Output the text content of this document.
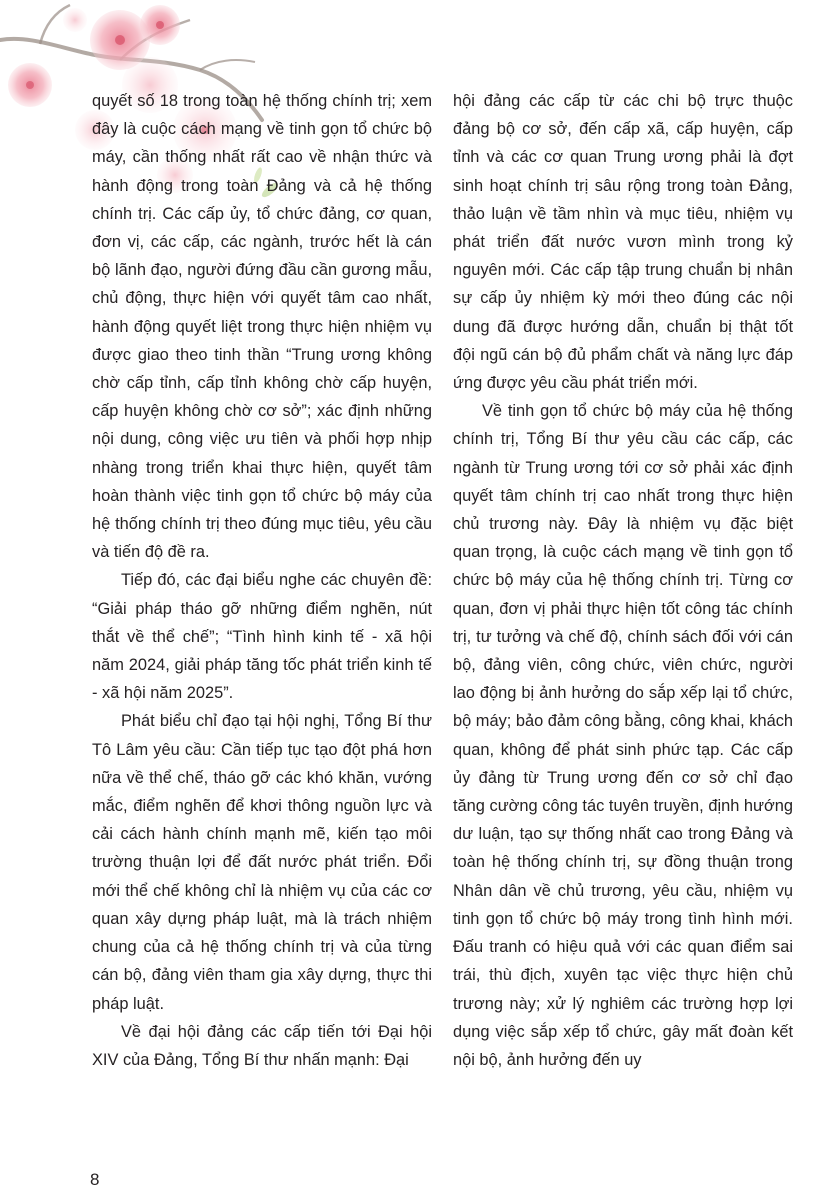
quyết số 18 trong toàn hệ thống chính trị; xem đây là cuộc cách mạng về tinh gọn tổ chức bộ máy, cần thống nhất rất cao về nhận thức và hành động trong toàn Đảng và cả hệ thống chính trị. Các cấp ủy, tổ chức đảng, cơ quan, đơn vị, các cấp, các ngành, trước hết là cán bộ lãnh đạo, người đứng đầu cần gương mẫu, chủ động, thực hiện với quyết tâm cao nhất, hành động quyết liệt trong thực hiện nhiệm vụ được giao theo tinh thần “Trung ương không chờ cấp tỉnh, cấp tỉnh không chờ cấp huyện, cấp huyện không chờ cơ sở”; xác định những nội dung, công việc ưu tiên và phối hợp nhịp nhàng trong triển khai thực hiện, quyết tâm hoàn thành việc tinh gọn tổ chức bộ máy của hệ thống chính trị theo đúng mục tiêu, yêu cầu và tiến độ đề ra.

Tiếp đó, các đại biểu nghe các chuyên đề: “Giải pháp tháo gỡ những điểm nghẽn, nút thắt về thể chế”; “Tình hình kinh tế - xã hội năm 2024, giải pháp tăng tốc phát triển kinh tế - xã hội năm 2025”.

Phát biểu chỉ đạo tại hội nghị, Tổng Bí thư Tô Lâm yêu cầu: Cần tiếp tục tạo đột phá hơn nữa về thể chế, tháo gỡ các khó khăn, vướng mắc, điểm nghẽn để khơi thông nguồn lực và cải cách hành chính mạnh mẽ, kiến tạo môi trường thuận lợi để đất nước phát triển. Đổi mới thể chế không chỉ là nhiệm vụ của các cơ quan xây dựng pháp luật, mà là trách nhiệm chung của cả hệ thống chính trị và của từng cán bộ, đảng viên tham gia xây dựng, thực thi pháp luật.

Về đại hội đảng các cấp tiến tới Đại hội XIV của Đảng, Tổng Bí thư nhấn mạnh: Đại

hội đảng các cấp từ các chi bộ trực thuộc đảng bộ cơ sở, đến cấp xã, cấp huyện, cấp tỉnh và các cơ quan Trung ương phải là đợt sinh hoạt chính trị sâu rộng trong toàn Đảng, thảo luận về tầm nhìn và mục tiêu, nhiệm vụ phát triển đất nước vươn mình trong kỷ nguyên mới. Các cấp tập trung chuẩn bị nhân sự cấp ủy nhiệm kỳ mới theo đúng các nội dung đã được hướng dẫn, chuẩn bị thật tốt đội ngũ cán bộ đủ phẩm chất và năng lực đáp ứng được yêu cầu phát triển mới.

Về tinh gọn tổ chức bộ máy của hệ thống chính trị, Tổng Bí thư yêu cầu các cấp, các ngành từ Trung ương tới cơ sở phải xác định quyết tâm chính trị cao nhất trong thực hiện chủ trương này. Đây là nhiệm vụ đặc biệt quan trọng, là cuộc cách mạng về tinh gọn tổ chức bộ máy của hệ thống chính trị. Từng cơ quan, đơn vị phải thực hiện tốt công tác chính trị, tư tưởng và chế độ, chính sách đối với cán bộ, đảng viên, công chức, viên chức, người lao động bị ảnh hưởng do sắp xếp lại tổ chức, bộ máy; bảo đảm công bằng, công khai, khách quan, không để phát sinh phức tạp. Các cấp ủy đảng từ Trung ương đến cơ sở chỉ đạo tăng cường công tác tuyên truyền, định hướng dư luận, tạo sự thống nhất cao trong Đảng và toàn hệ thống chính trị, sự đồng thuận trong Nhân dân về chủ trương, yêu cầu, nhiệm vụ tinh gọn tổ chức bộ máy trong tình hình mới. Đấu tranh có hiệu quả với các quan điểm sai trái, thù địch, xuyên tạc việc thực hiện chủ trương này; xử lý nghiêm các trường hợp lợi dụng việc sắp xếp tổ chức, gây mất đoàn kết nội bộ, ảnh hưởng đến uy

8
